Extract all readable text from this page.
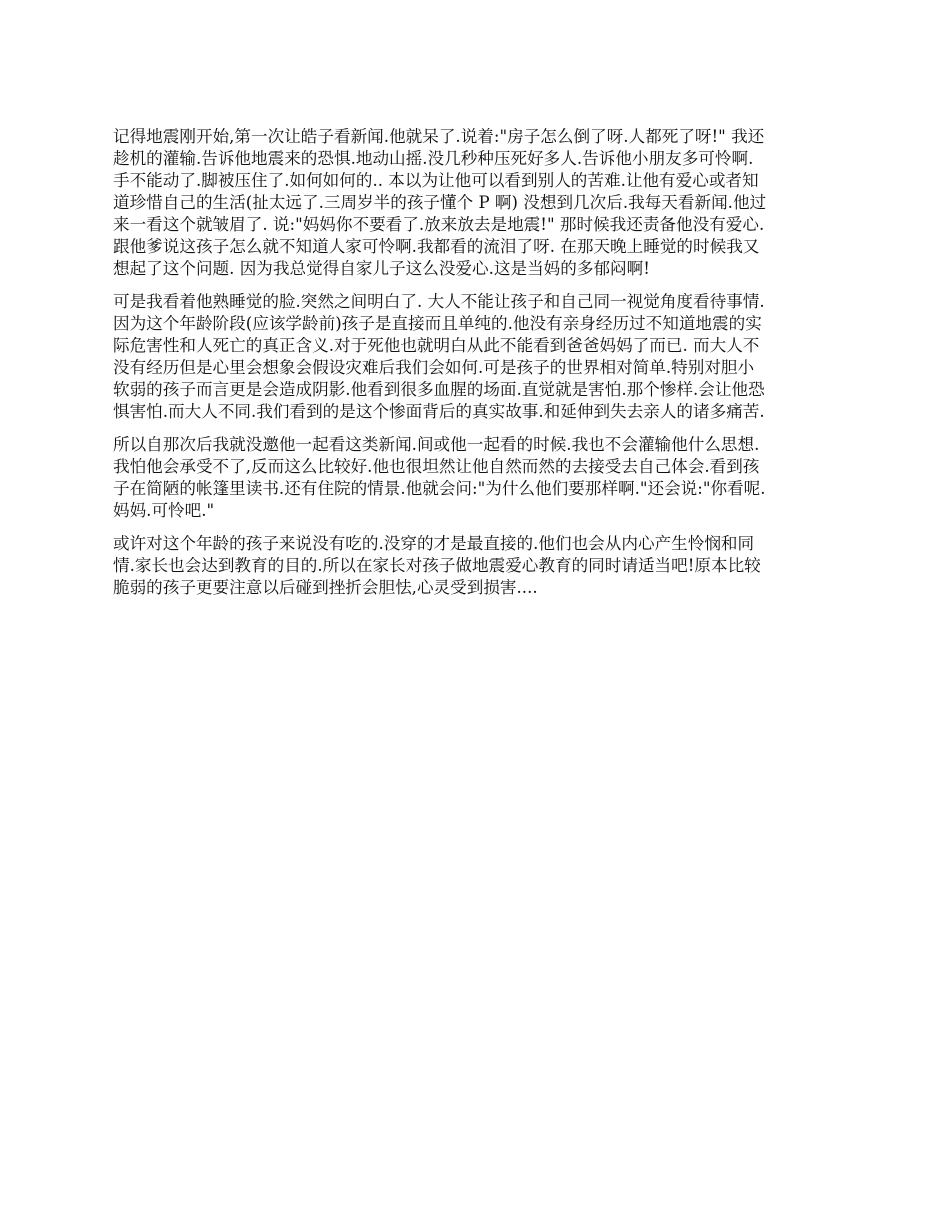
记得地震刚开始,第一次让皓子看新闻.他就呆了.说着:"房子怎么倒了呀.人都死了呀!" 我还
趁机的灌输.告诉他地震来的恐惧.地动山摇.没几秒种压死好多人.告诉他小朋友多可怜啊.
手不能动了.脚被压住了.如何如何的.. 本以为让他可以看到别人的苦难.让他有爱心或者知
道珍惜自己的生活(扯太远了.三周岁半的孩子懂个 P 啊) 没想到几次后.我每天看新闻.他过
来一看这个就皱眉了. 说:"妈妈你不要看了.放来放去是地震!" 那时候我还责备他没有爱心.
跟他爹说这孩子怎么就不知道人家可怜啊.我都看的流泪了呀. 在那天晚上睡觉的时候我又
想起了这个问题. 因为我总觉得自家儿子这么没爱心.这是当妈的多郁闷啊!

可是我看着他熟睡觉的脸.突然之间明白了. 大人不能让孩子和自己同一视觉角度看待事情.
因为这个年龄阶段(应该学龄前)孩子是直接而且单纯的.他没有亲身经历过不知道地震的实
际危害性和人死亡的真正含义.对于死他也就明白从此不能看到爸爸妈妈了而已. 而大人不
没有经历但是心里会想象会假设灾难后我们会如何.可是孩子的世界相对简单.特别对胆小
软弱的孩子而言更是会造成阴影.他看到很多血腥的场面.直觉就是害怕.那个惨样.会让他恐
惧害怕.而大人不同.我们看到的是这个惨面背后的真实故事.和延伸到失去亲人的诸多痛苦.

所以自那次后我就没邀他一起看这类新闻.间或他一起看的时候.我也不会灌输他什么思想.
我怕他会承受不了,反而这么比较好.他也很坦然让他自然而然的去接受去自己体会.看到孩
子在简陋的帐篷里读书.还有住院的情景.他就会问:"为什么他们要那样啊."还会说:"你看呢.
妈妈.可怜吧."

或许对这个年龄的孩子来说没有吃的.没穿的才是最直接的.他们也会从内心产生怜悯和同
情.家长也会达到教育的目的.所以在家长对孩子做地震爱心教育的同时请适当吧!原本比较
脆弱的孩子更要注意以后碰到挫折会胆怯,心灵受到损害....
